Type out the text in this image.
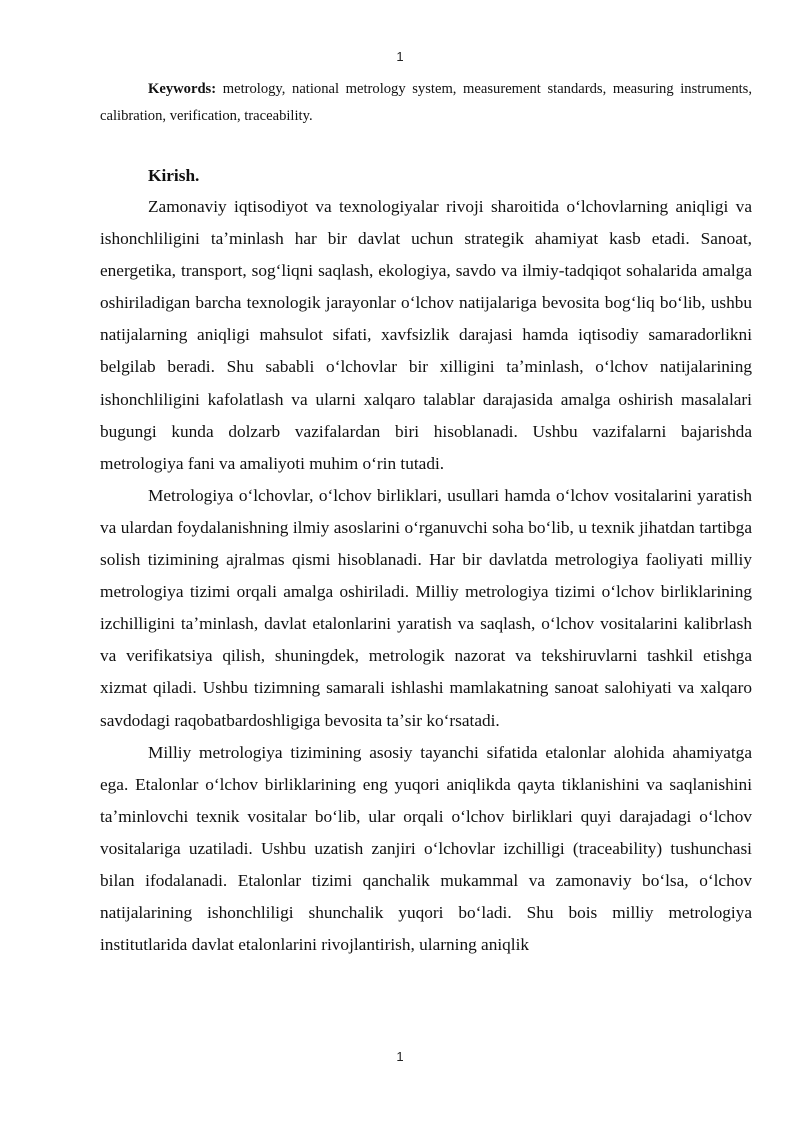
1

Keywords: metrology, national metrology system, measurement standards, measuring instruments, calibration, verification, traceability.

Kirish.

Zamonaviy iqtisodiyot va texnologiyalar rivoji sharoitida oʻlchovlarning aniqligi va ishonchliligini taʼminlash har bir davlat uchun strategik ahamiyat kasb etadi. Sanoat, energetika, transport, sogʻliqni saqlash, ekologiya, savdo va ilmiy-tadqiqot sohalarida amalga oshiriladigan barcha texnologik jarayonlar oʻlchov natijalariga bevosita bogʻliq boʻlib, ushbu natijalarning aniqligi mahsulot sifati, xavfsizlik darajasi hamda iqtisodiy samaradorlikni belgilab beradi. Shu sababli oʻlchovlar bir xilligini taʼminlash, oʻlchov natijalarining ishonchliligini kafolatlash va ularni xalqaro talablar darajasida amalga oshirish masalalari bugungi kunda dolzarb vazifalardan biri hisoblanadi. Ushbu vazifalarni bajarishda metrologiya fani va amaliyoti muhim oʻrin tutadi.

Metrologiya oʻlchovlar, oʻlchov birliklari, usullari hamda oʻlchov vositalarini yaratish va ulardan foydalanishning ilmiy asoslarini oʻrganuvchi soha boʻlib, u texnik jihatdan tartibga solish tizimining ajralmas qismi hisoblanadi. Har bir davlatda metrologiya faoliyati milliy metrologiya tizimi orqali amalga oshiriladi. Milliy metrologiya tizimi oʻlchov birliklarining izchilligini taʼminlash, davlat etalonlarini yaratish va saqlash, oʻlchov vositalarini kalibrlash va verifikatsiya qilish, shuningdek, metrologik nazorat va tekshiruvlarni tashkil etishga xizmat qiladi. Ushbu tizimning samarali ishlashi mamlakatning sanoat salohiyati va xalqaro savdodagi raqobatbardoshligiga bevosita taʼsir koʻrsatadi.

Milliy metrologiya tizimining asosiy tayanchi sifatida etalonlar alohida ahamiyatga ega. Etalonlar oʻlchov birliklarining eng yuqori aniqlikda qayta tiklanishini va saqlanishini taʼminlovchi texnik vositalar boʻlib, ular orqali oʻlchov birliklari quyi darajadagi oʻlchov vositalariga uzatiladi. Ushbu uzatish zanjiri oʻlchovlar izchilligi (traceability) tushunchasi bilan ifodalanadi. Etalonlar tizimi qanchalik mukammal va zamonaviy boʻlsa, oʻlchov natijalarining ishonchliligi shunchalik yuqori boʻladi. Shu bois milliy metrologiya institutlarida davlat etalonlarini rivojlantirish, ularning aniqlik

1
